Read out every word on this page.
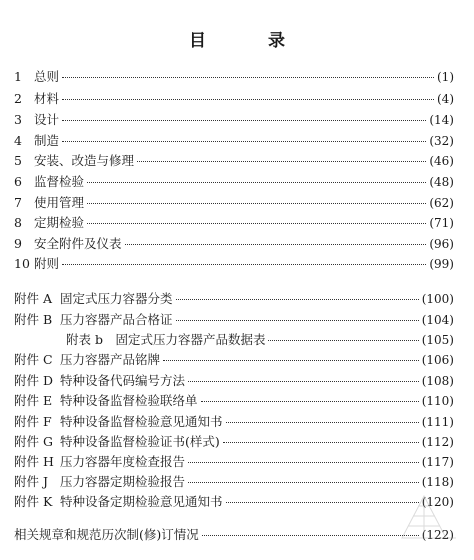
目 录
1 总则	(1)
2 材料	(4)
3 设计	(14)
4 制造	(32)
5 安装、改造与修理	(46)
6 监督检验	(48)
7 使用管理	(62)
8 定期检验	(71)
9 安全附件及仪表	(96)
10 附则	(99)
附件 A 固定式压力容器分类	(100)
附件 B 压力容器产品合格证	(104)
附表 b　固定式压力容器产品数据表	(105)
附件 C 压力容器产品铭牌	(106)
附件 D 特种设备代码编号方法	(108)
附件 E 特种设备监督检验联络单	(110)
附件 F 特种设备监督检验意见通知书	(111)
附件 G 特种设备监督检验证书(样式)	(112)
附件 H 压力容器年度检查报告	(117)
附件 J 压力容器定期检验报告	(118)
附件 K 特种设备定期检验意见通知书	(120)
相关规章和规范历次制(修)订情况	(122)
